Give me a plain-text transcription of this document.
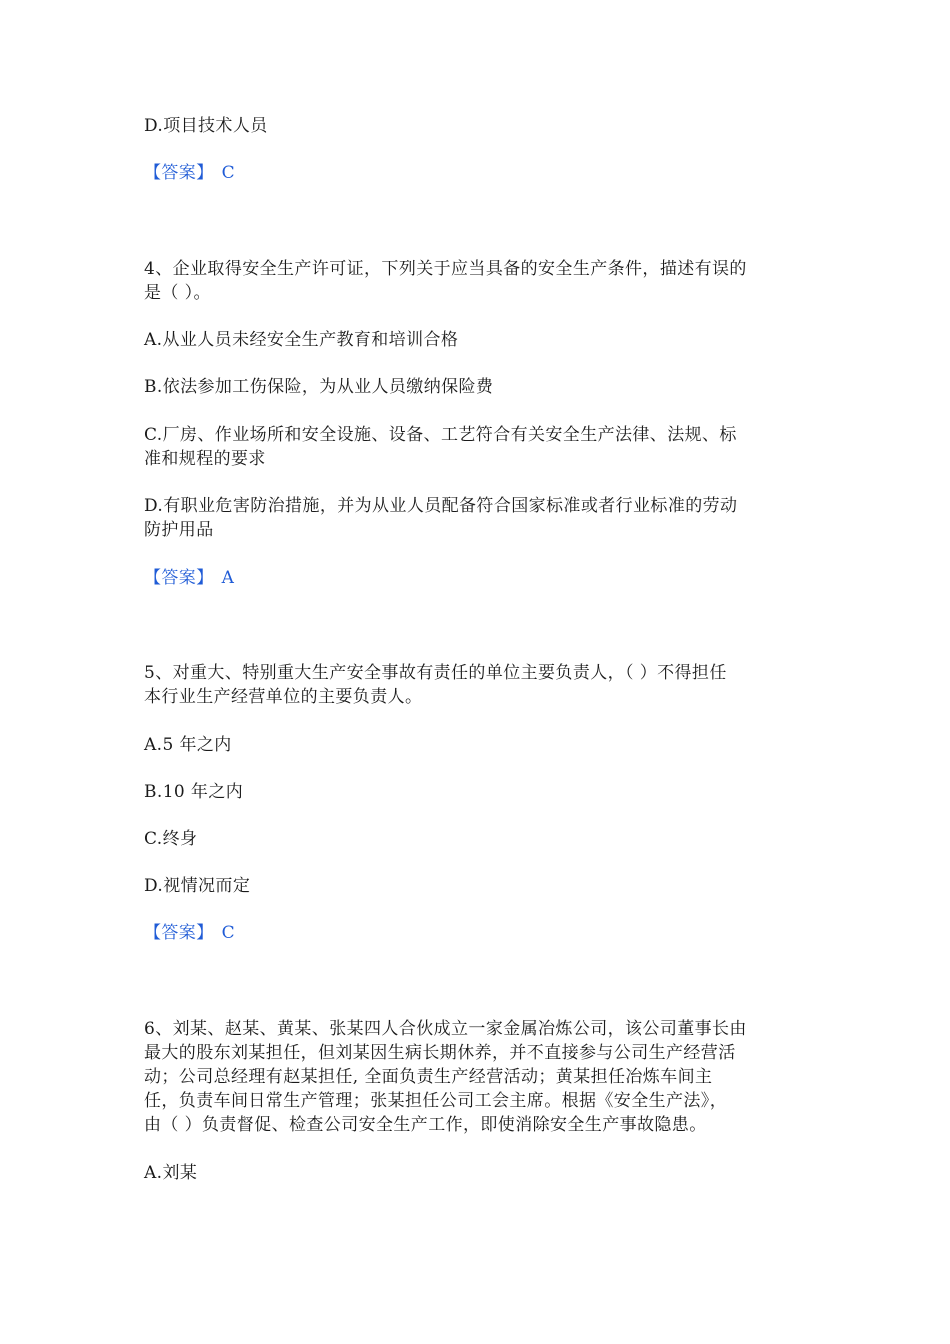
D.项目技术人员
【答案】 C
4、企业取得安全生产许可证，下列关于应当具备的安全生产条件，描述有误的
是（ ）。
A.从业人员未经安全生产教育和培训合格
B.依法参加工伤保险，为从业人员缴纳保险费
C.厂房、作业场所和安全设施、设备、工艺符合有关安全生产法律、法规、标
准和规程的要求
D.有职业危害防治措施，并为从业人员配备符合国家标准或者行业标准的劳动
防护用品
【答案】 A
5、对重大、特别重大生产安全事故有责任的单位主要负责人，（ ）不得担任
本行业生产经营单位的主要负责人。
A.5 年之内
B.10 年之内
C.终身
D.视情况而定
【答案】 C
6、刘某、赵某、黄某、张某四人合伙成立一家金属冶炼公司，该公司董事长由
最大的股东刘某担任，但刘某因生病长期休养，并不直接参与公司生产经营活
动；公司总经理有赵某担任, 全面负责生产经营活动；黄某担任冶炼车间主
任，负责车间日常生产管理；张某担任公司工会主席。根据《安全生产法》，
由（ ）负责督促、检查公司安全生产工作，即使消除安全生产事故隐患。
A.刘某
